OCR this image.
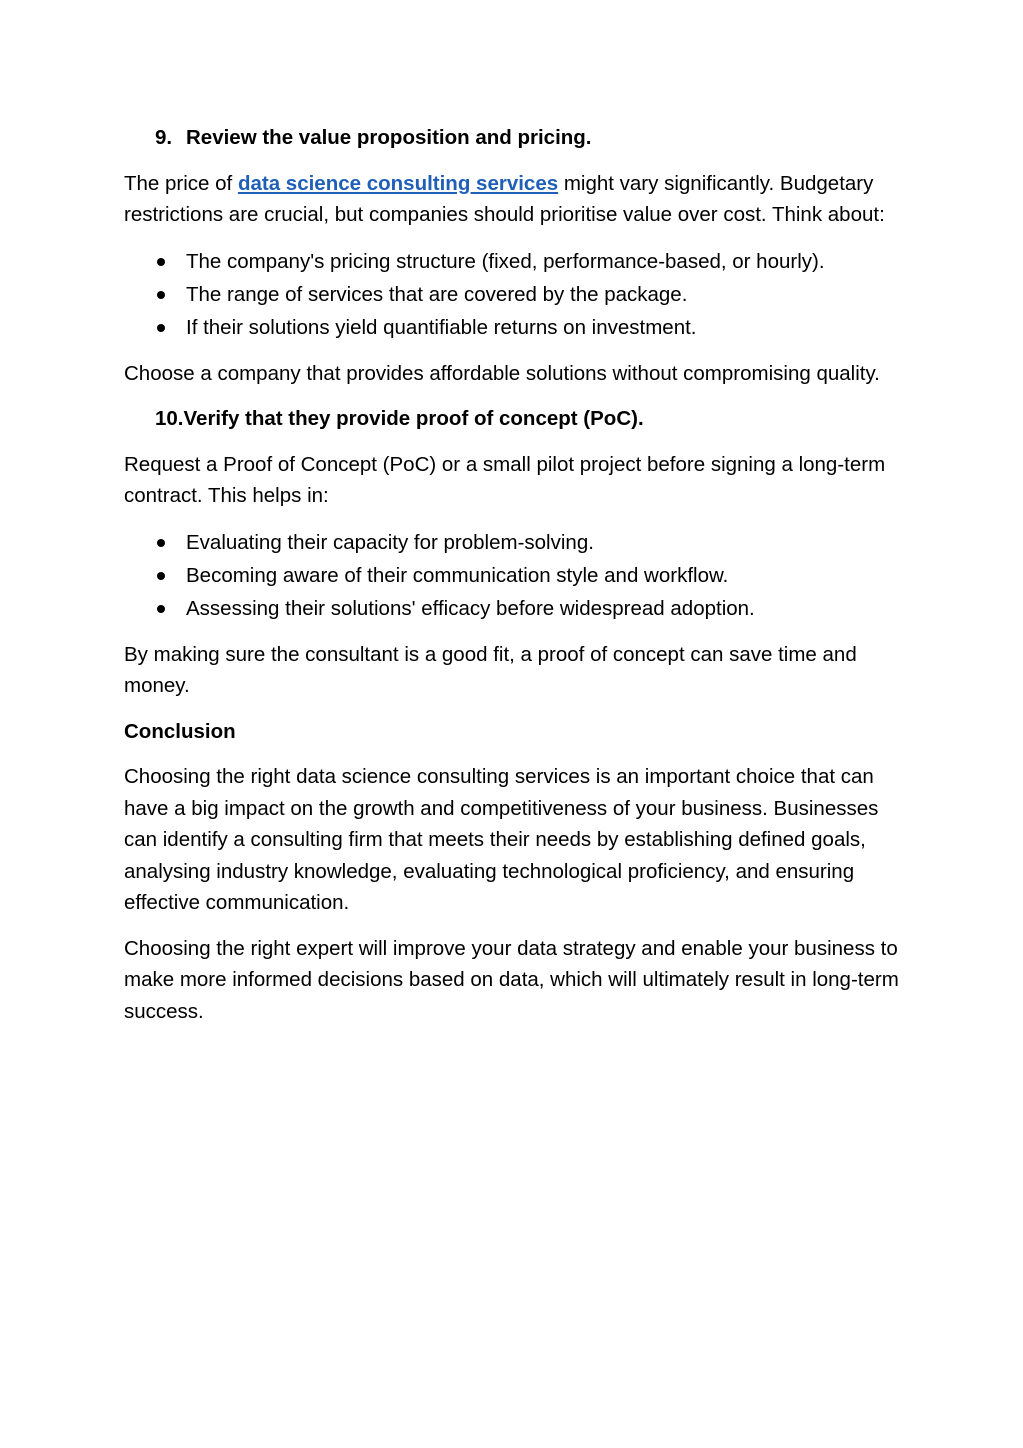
9. Review the value proposition and pricing.

The price of data science consulting services might vary significantly. Budgetary restrictions are crucial, but companies should prioritise value over cost. Think about:

The company's pricing structure (fixed, performance-based, or hourly).
The range of services that are covered by the package.
If their solutions yield quantifiable returns on investment.

Choose a company that provides affordable solutions without compromising quality.

10. Verify that they provide proof of concept (PoC).

Request a Proof of Concept (PoC) or a small pilot project before signing a long-term contract. This helps in:

Evaluating their capacity for problem-solving.
Becoming aware of their communication style and workflow.
Assessing their solutions' efficacy before widespread adoption.

By making sure the consultant is a good fit, a proof of concept can save time and money.

Conclusion

Choosing the right data science consulting services is an important choice that can have a big impact on the growth and competitiveness of your business. Businesses can identify a consulting firm that meets their needs by establishing defined goals, analysing industry knowledge, evaluating technological proficiency, and ensuring effective communication.

Choosing the right expert will improve your data strategy and enable your business to make more informed decisions based on data, which will ultimately result in long-term success.
